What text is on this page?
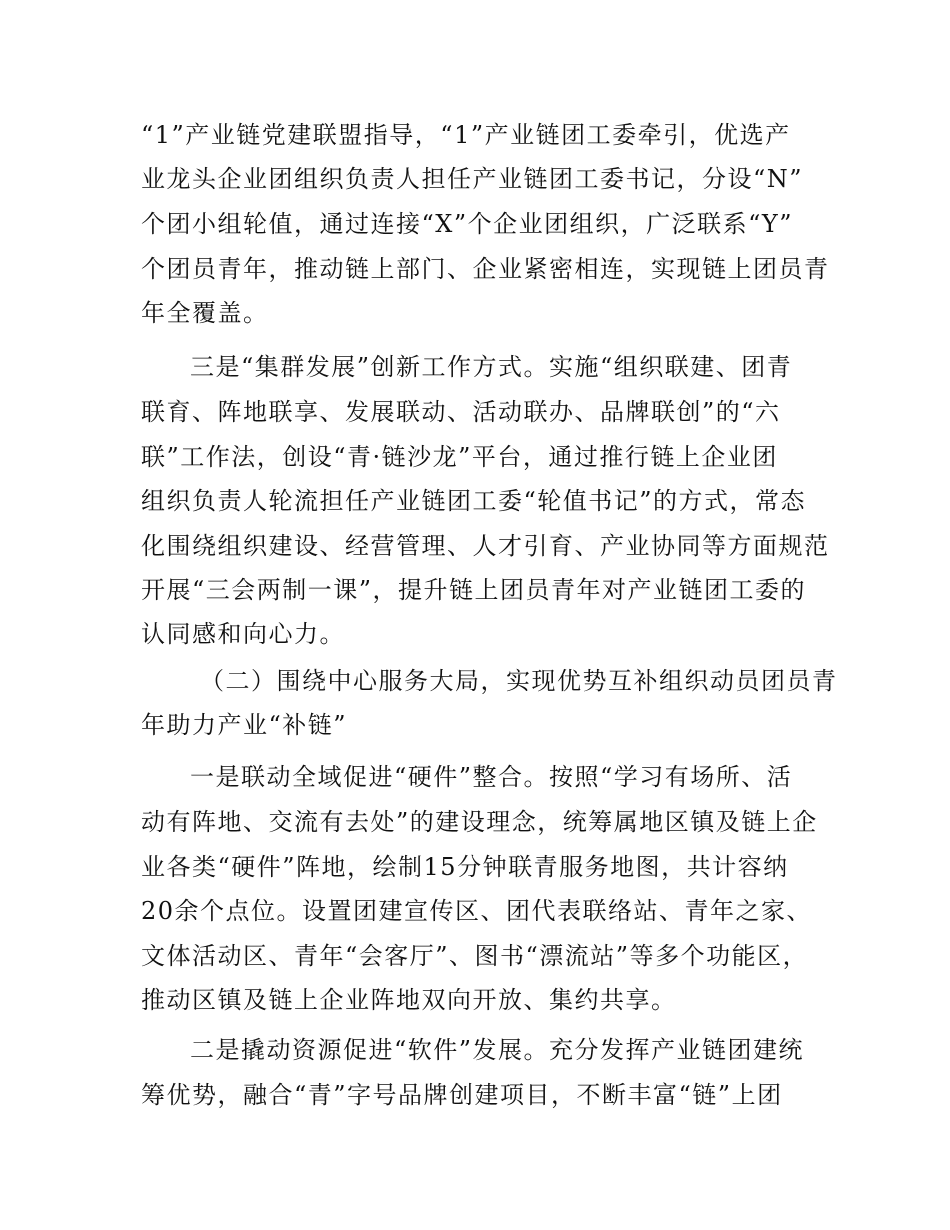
“1”产业链党建联盟指导，“1”产业链团工委牵引，优选产
业龙头企业团组织负责人担任产业链团工委书记，分设“N”
个团小组轮值，通过连接“X”个企业团组织，广泛联系“Y”
个团员青年，推动链上部门、企业紧密相连，实现链上团员青
年全覆盖。
三是“集群发展”创新工作方式。实施“组织联建、团青
联育、阵地联享、发展联动、活动联办、品牌联创”的“六
联”工作法，创设“青·链沙龙”平台，通过推行链上企业团
组织负责人轮流担任产业链团工委“轮值书记”的方式，常态
化围绕组织建设、经营管理、人才引育、产业协同等方面规范
开展“三会两制一课”，提升链上团员青年对产业链团工委的
认同感和向心力。
（二）围绕中心服务大局，实现优势互补组织动员团员青
年助力产业“补链”
一是联动全域促进“硬件”整合。按照“学习有场所、活
动有阵地、交流有去处”的建设理念，统筹属地区镇及链上企
业各类“硬件”阵地，绘制15分钟联青服务地图，共计容纳
20余个点位。设置团建宣传区、团代表联络站、青年之家、
文体活动区、青年“会客厅”、图书“漂流站”等多个功能区，
推动区镇及链上企业阵地双向开放、集约共享。
二是撬动资源促进“软件”发展。充分发挥产业链团建统
筹优势，融合“青”字号品牌创建项目，不断丰富“链”上团
